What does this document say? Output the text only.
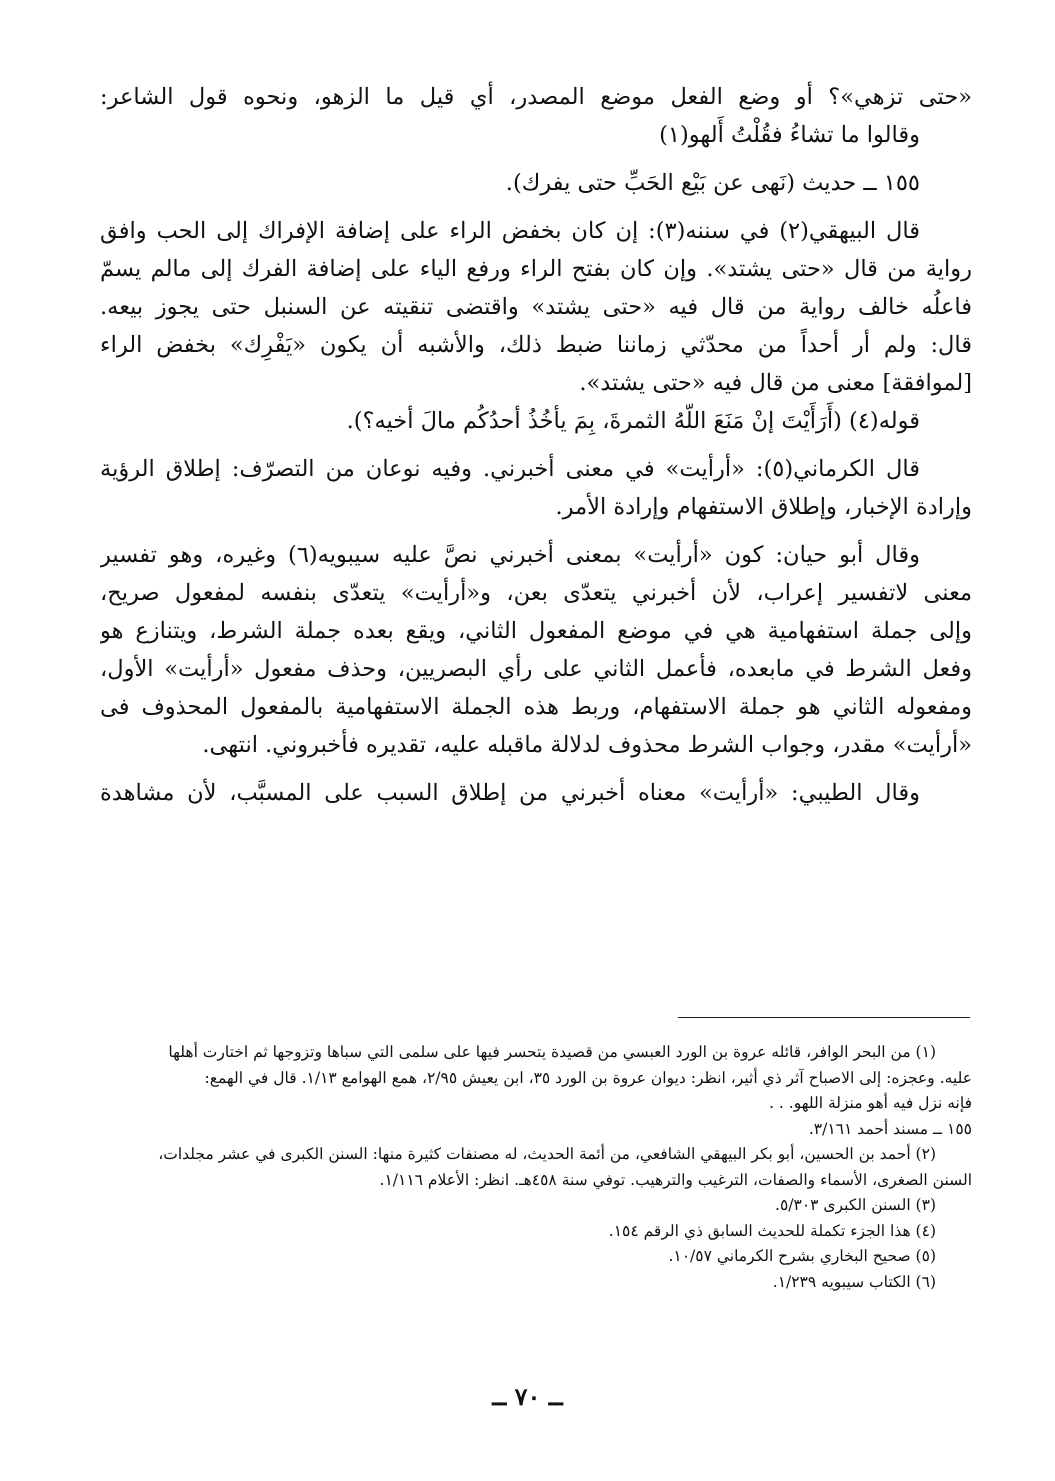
«حتى تزهي»؟ أو وضع الفعل موضع المصدر، أي قيل ما الزهو، ونحوه قول الشاعر:
وقالوا ما تشاءُ فقُلْتُ أَلهو(١)
١٥٥ ــ حديث (نَهى عن بَيْع الحَبِّ حتى يفرك).
قال البيهقي(٢) في سننه(٣): إن كان بخفض الراء على إضافة الإفراك إلى الحب وافق
رواية من قال «حتى يشتد». وإن كان بفتح الراء ورفع الياء على إضافة الفرك إلى مالم يسمّ
فاعلُه خالف رواية من قال فيه «حتى يشتد» واقتضى تنقيته عن السنبل حتى يجوز بيعه.
قال: ولم أر أحداً من محدّثي زماننا ضبط ذلك، والأشبه أن يكون «يَفْرِك» بخفض الراء
[لموافقة] معنى من قال فيه «حتى يشتد».
قوله(٤) (أَرَأَيْتَ إنْ مَنَعَ اللّهُ الثمرةَ، بِمَ يأخُذُ أحدُكُم مالَ أخيه؟).
قال الكرماني(٥): «أرأيت» في معنى أخبرني. وفيه نوعان من التصرّف: إطلاق الرؤية
وإرادة الإخبار، وإطلاق الاستفهام وإرادة الأمر.
وقال أبو حيان: كون «أرأيت» بمعنى أخبرني نصَّ عليه سيبويه(٦) وغيره، وهو تفسير
معنى لاتفسير إعراب، لأن أخبرني يتعدّى بعن، و«أرأيت» يتعدّى بنفسه لمفعول صريح،
وإلى جملة استفهامية هي في موضع المفعول الثاني، ويقع بعده جملة الشرط، ويتنازع هو
وفعل الشرط في مابعده، فأعمل الثاني على رأي البصريين، وحذف مفعول «أرأيت» الأول،
ومفعوله الثاني هو جملة الاستفهام، وربط هذه الجملة الاستفهامية بالمفعول المحذوف فى
«أرأيت» مقدر، وجواب الشرط محذوف لدلالة ماقبله عليه، تقديره فأخبروني. انتهى.
وقال الطيبي: «أرأيت» معناه أخبرني من إطلاق السبب على المسبَّب، لأن مشاهدة
(١) من البحر الوافر، قائله عروة بن الورد العبسي من قصيدة يتحسر فيها على سلمى التي سباها وتزوجها ثم اختارت أهلها
عليه. وعجزه: إلى الاصباح آثر ذي أثير، انظر: ديوان عروة بن الورد ٣٥، ابن يعيش ٢/٩٥، همع الهوامع ١/١٣. قال في الهمع:
فإنه نزل فيه أهو منزلة اللهو. . .
١٥٥ ــ مسند أحمد ٣/١٦١.
(٢) أحمد بن الحسين، أبو بكر البيهقي الشافعي، من أئمة الحديث، له مصنفات كثيرة منها: السنن الكبرى في عشر مجلدات،
السنن الصغرى، الأسماء والصفات، الترغيب والترهيب. توفي سنة ٤٥٨هـ. انظر: الأعلام ١/١١٦.
(٣) السنن الكبرى ٥/٣٠٣.
(٤) هذا الجزء تكملة للحديث السابق ذي الرقم ١٥٤.
(٥) صحيح البخاري بشرح الكرماني ١٠/٥٧.
(٦) الكتاب سيبويه ١/٢٣٩.
ــ ٧٠ ــ
